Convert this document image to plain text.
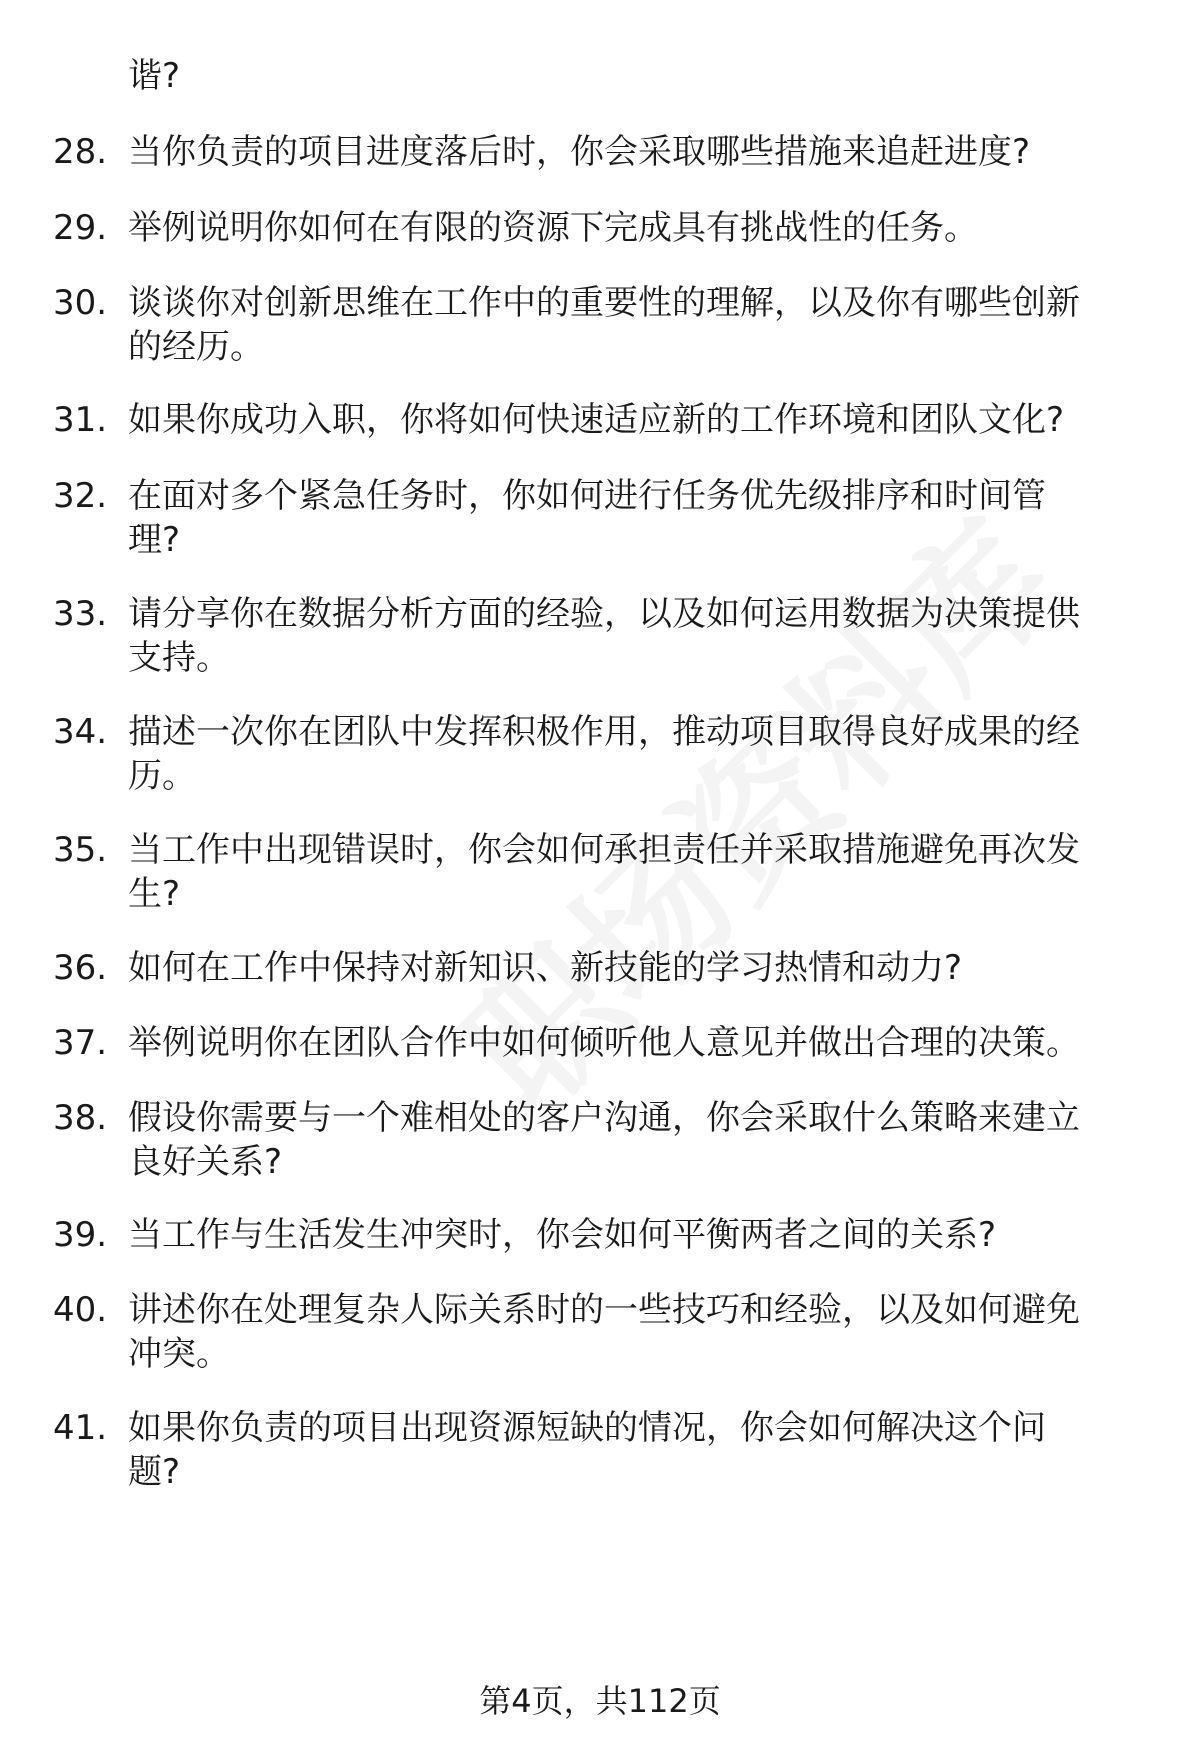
谐?
28. 当你负责的项目进度落后时，你会采取哪些措施来追赶进度?
29. 举例说明你如何在有限的资源下完成具有挑战性的任务。
30. 谈谈你对创新思维在工作中的重要性的理解，以及你有哪些创新
的经历。
31. 如果你成功入职，你将如何快速适应新的工作环境和团队文化?
32. 在面对多个紧急任务时，你如何进行任务优先级排序和时间管
理?
33. 请分享你在数据分析方面的经验，以及如何运用数据为决策提供
支持。
34. 描述一次你在团队中发挥积极作用，推动项目取得良好成果的经
历。
35. 当工作中出现错误时，你会如何承担责任并采取措施避免再次发
生?
36. 如何在工作中保持对新知识、新技能的学习热情和动力?
37. 举例说明你在团队合作中如何倾听他人意见并做出合理的决策。
38. 假设你需要与一个难相处的客户沟通，你会采取什么策略来建立
良好关系?
39. 当工作与生活发生冲突时，你会如何平衡两者之间的关系?
40. 讲述你在处理复杂人际关系时的一些技巧和经验，以及如何避免
冲突。
41. 如果你负责的项目出现资源短缺的情况，你会如何解决这个问
题?
第4页，共112页
